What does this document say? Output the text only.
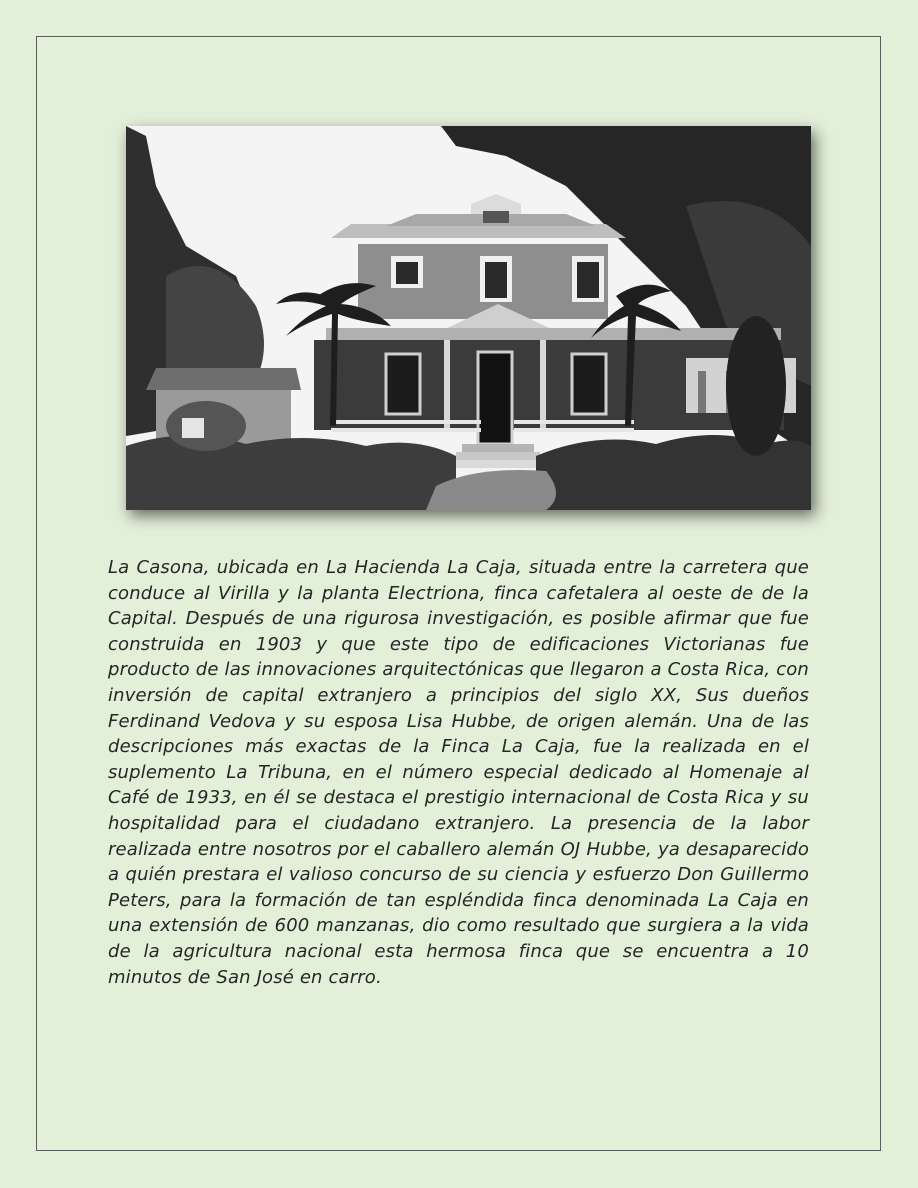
La Casona, ubicada en La Hacienda La Caja, situada entre la carretera que conduce al Virilla y la planta Electriona, finca cafetalera al oeste de de la Capital. Después de una rigurosa investigación, es posible afirmar que fue construida en 1903 y que este tipo de edificaciones Victorianas fue producto de las innovaciones arquitectónicas que llegaron a Costa Rica, con inversión de capital extranjero a principios del siglo XX, Sus dueños Ferdinand Vedova y su esposa Lisa Hubbe, de origen alemán. Una de las descripciones más exactas de la Finca La Caja, fue la realizada en el suplemento La Tribuna, en el número especial dedicado al Homenaje al Café de 1933, en él se destaca el prestigio internacional de Costa Rica y su hospitalidad para el ciudadano extranjero. La presencia de la labor realizada entre nosotros por el caballero alemán OJ Hubbe, ya desaparecido a quién prestara el valioso concurso de su ciencia y esfuerzo Don Guillermo Peters, para la formación de tan espléndida finca denominada La Caja en una extensión de 600 manzanas, dio como resultado que surgiera a la vida de la agricultura nacional esta hermosa finca que se encuentra a 10 minutos de San José en carro.
